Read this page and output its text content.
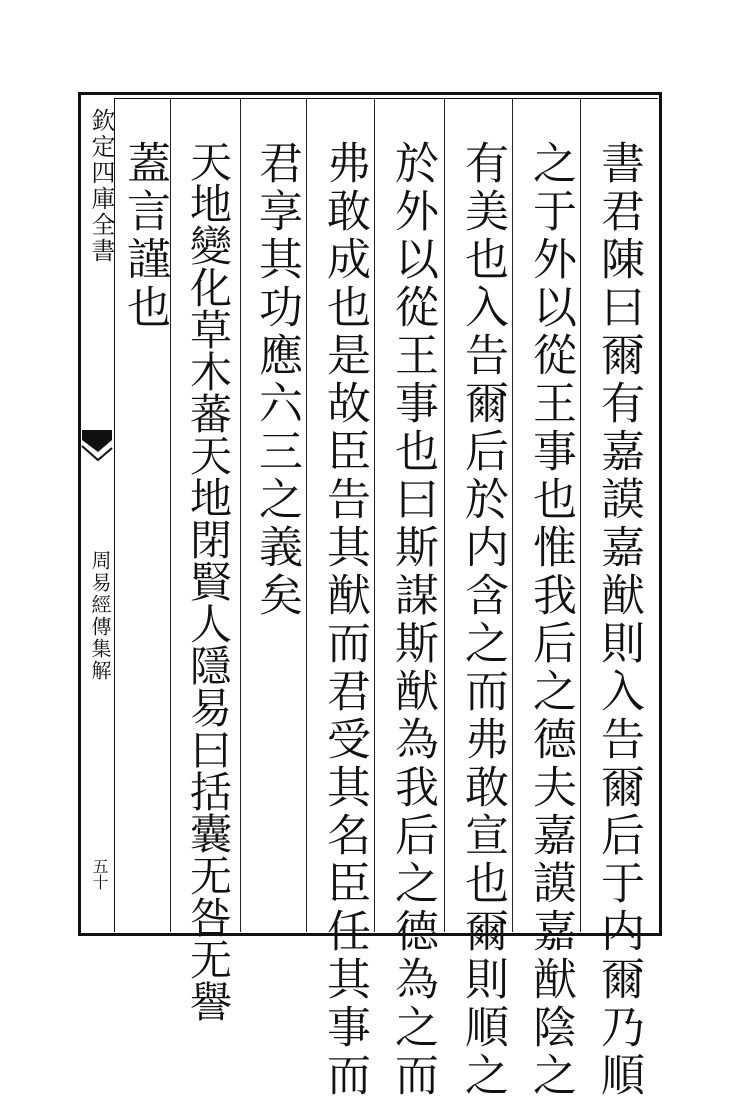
欽定四庫全書
周易經傳集解
五十	書君陳曰爾有嘉謨嘉猷則入告爾后于内爾乃順
之于外以從王事也惟我后之德夫嘉謨嘉猷陰之
有美也入告爾后於内含之而弗敢宣也爾則順之
於外以從王事也曰斯謀斯猷為我后之德為之而
弗敢成也是故臣告其猷而君受其名臣任其事而
君享其功應六三之義矣
天地變化草木蕃天地閉賢人隱易曰括囊无咎无譽
蓋言謹也
